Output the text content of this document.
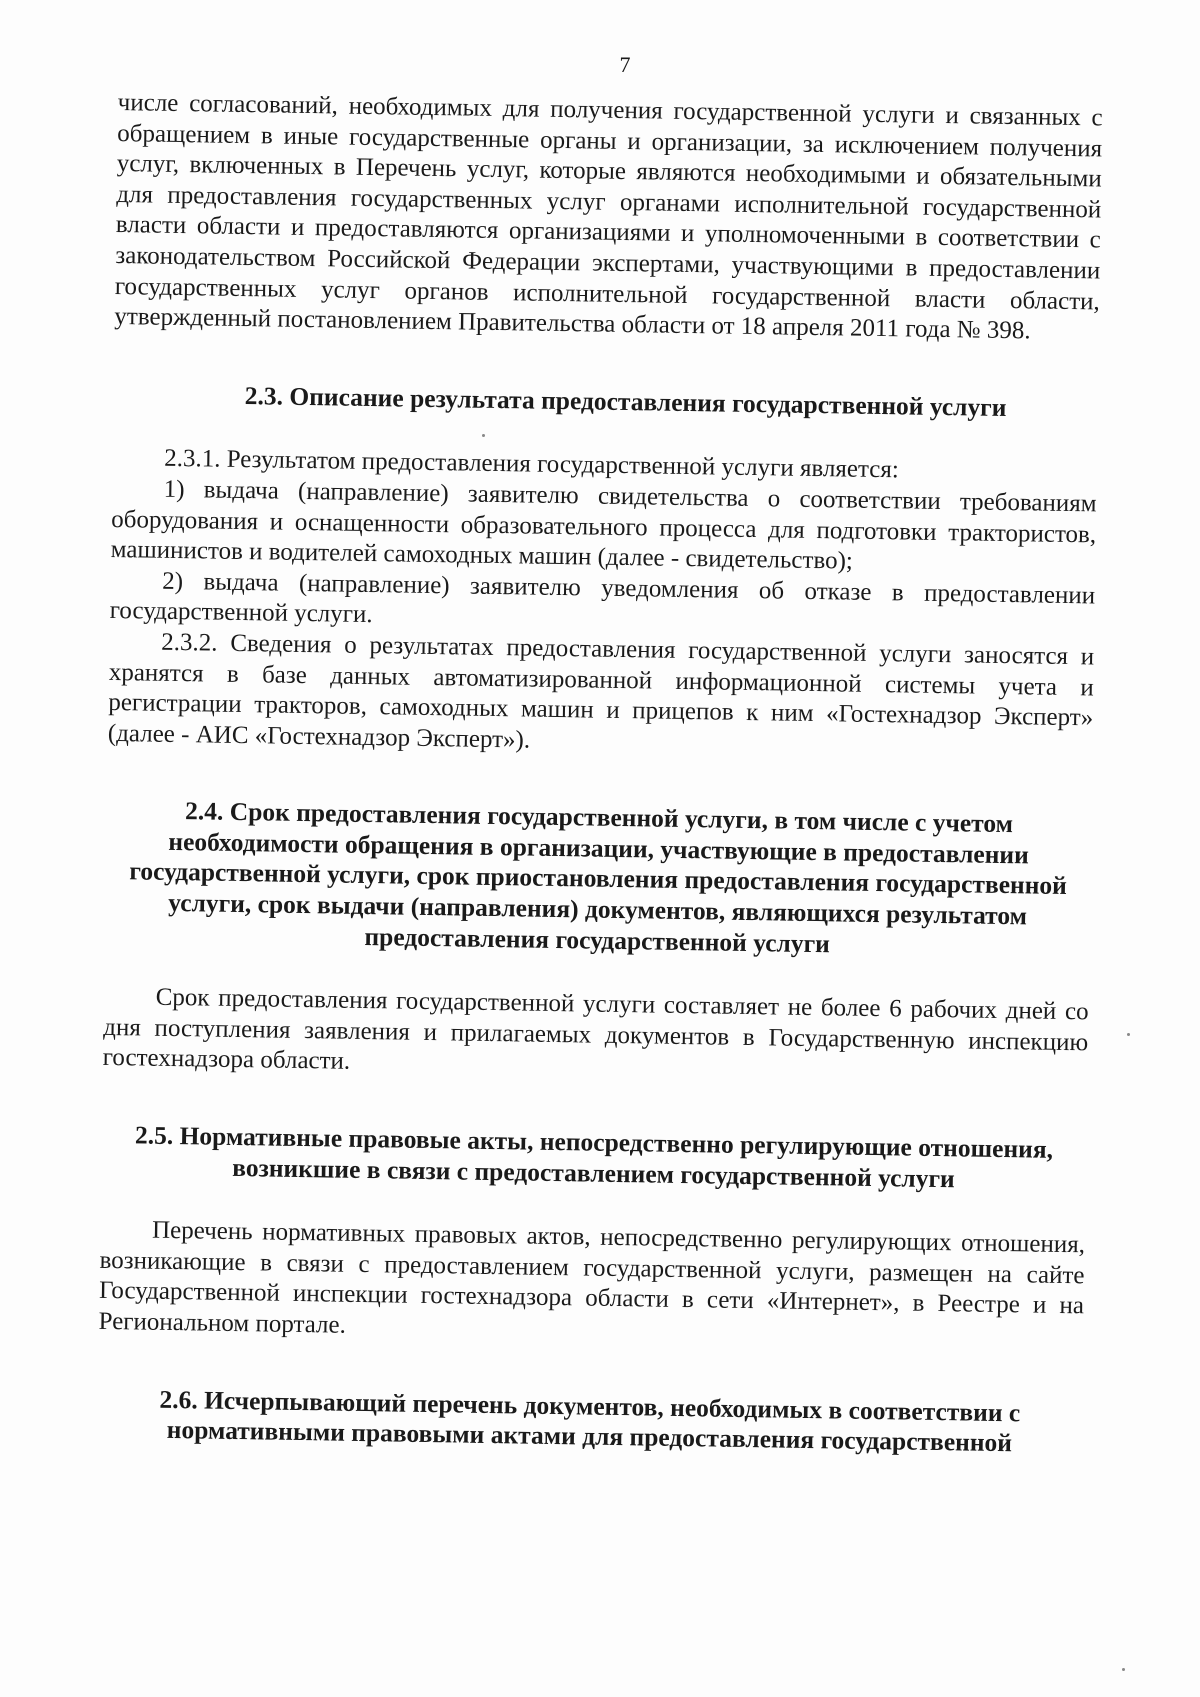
7

числе согласований, необходимых для получения государственной услуги и связанных с обращением в иные государственные органы и организации, за исключением получения услуг, включенных в Перечень услуг, которые являются необходимыми и обязательными для предоставления государственных услуг органами исполнительной государственной власти области и предоставляются организациями и уполномоченными в соответствии с законодательством Российской Федерации экспертами, участвующими в предоставлении государственных услуг органов исполнительной государственной власти области, утвержденный постановлением Правительства области от 18 апреля 2011 года № 398.

2.3. Описание результата предоставления государственной услуги

2.3.1. Результатом предоставления государственной услуги является:

1) выдача (направление) заявителю свидетельства о соответствии требованиям оборудования и оснащенности образовательного процесса для подготовки трактористов, машинистов и водителей самоходных машин (далее - свидетельство);

2) выдача (направление) заявителю уведомления об отказе в предоставлении государственной услуги.

2.3.2. Сведения о результатах предоставления государственной услуги заносятся и хранятся в базе данных автоматизированной информационной системы учета и регистрации тракторов, самоходных машин и прицепов к ним «Гостехнадзор Эксперт» (далее - АИС «Гостехнадзор Эксперт»).

2.4. Срок предоставления государственной услуги, в том числе с учетом необходимости обращения в организации, участвующие в предоставлении государственной услуги, срок приостановления предоставления государственной услуги, срок выдачи (направления) документов, являющихся результатом предоставления государственной услуги

Срок предоставления государственной услуги составляет не более 6 рабочих дней со дня поступления заявления и прилагаемых документов в Государственную инспекцию гостехнадзора области.

2.5. Нормативные правовые акты, непосредственно регулирующие отношения, возникшие в связи с предоставлением государственной услуги

Перечень нормативных правовых актов, непосредственно регулирующих отношения, возникающие в связи с предоставлением государственной услуги, размещен на сайте Государственной инспекции гостехнадзора области в сети «Интернет», в Реестре и на Региональном портале.

2.6. Исчерпывающий перечень документов, необходимых в соответствии с нормативными правовыми актами для предоставления государственной
